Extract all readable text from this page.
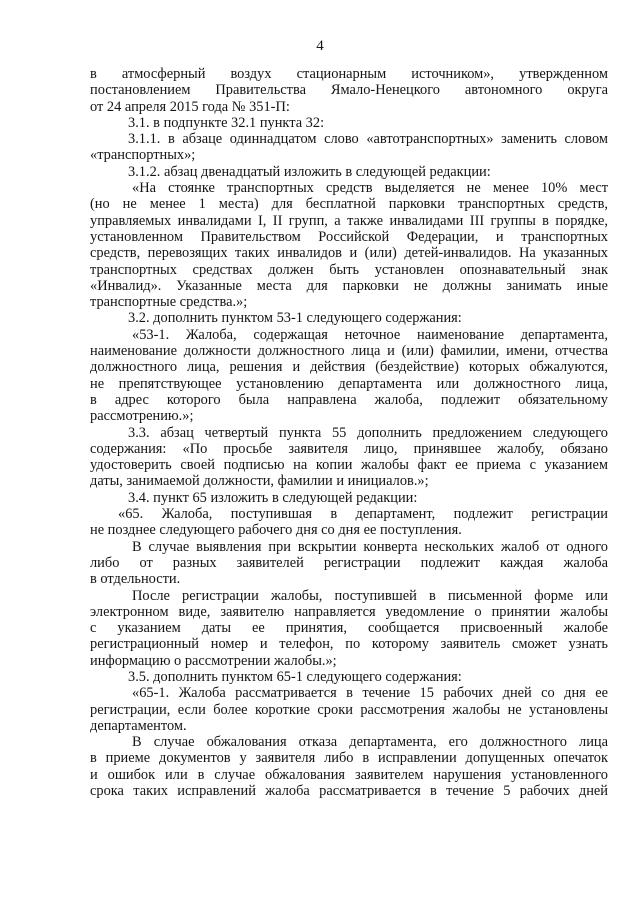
4
в атмосферный воздух стационарным источником», утвержденном
постановлением Правительства Ямало-Ненецкого автономного округа
от 24 апреля 2015 года № 351-П:
3.1. в подпункте 32.1 пункта 32:
3.1.1. в абзаце одиннадцатом слово «автотранспортных» заменить словом
«транспортных»;
3.1.2. абзац двенадцатый изложить в следующей редакции:
«На стоянке транспортных средств выделяется не менее 10% мест
(но не менее 1 места) для бесплатной парковки транспортных средств,
управляемых инвалидами I, II групп, а также инвалидами III группы в порядке,
установленном Правительством Российской Федерации, и транспортных
средств, перевозящих таких инвалидов и (или) детей-инвалидов. На указанных
транспортных средствах должен быть установлен опознавательный знак
«Инвалид». Указанные места для парковки не должны занимать иные
транспортные средства.»;
3.2. дополнить пунктом 53-1 следующего содержания:
«53-1. Жалоба, содержащая неточное наименование департамента,
наименование должности должностного лица и (или) фамилии, имени, отчества
должностного лица, решения и действия (бездействие) которых обжалуются,
не препятствующее установлению департамента или должностного лица,
в адрес которого была направлена жалоба, подлежит обязательному
рассмотрению.»;
3.3. абзац четвертый пункта 55 дополнить предложением следующего
содержания: «По просьбе заявителя лицо, принявшее жалобу, обязано
удостоверить своей подписью на копии жалобы факт ее приема с указанием
даты, занимаемой должности, фамилии и инициалов.»;
3.4. пункт 65 изложить в следующей редакции:
«65. Жалоба, поступившая в департамент, подлежит регистрации
не позднее следующего рабочего дня со дня ее поступления.
В случае выявления при вскрытии конверта нескольких жалоб от одного
либо от разных заявителей регистрации подлежит каждая жалоба
в отдельности.
После регистрации жалобы, поступившей в письменной форме или
электронном виде, заявителю направляется уведомление о принятии жалобы
с указанием даты ее принятия, сообщается присвоенный жалобе
регистрационный номер и телефон, по которому заявитель сможет узнать
информацию о рассмотрении жалобы.»;
3.5. дополнить пунктом 65-1 следующего содержания:
«65-1. Жалоба рассматривается в течение 15 рабочих дней со дня ее
регистрации, если более короткие сроки рассмотрения жалобы не установлены
департаментом.
В случае обжалования отказа департамента, его должностного лица
в приеме документов у заявителя либо в исправлении допущенных опечаток
и ошибок или в случае обжалования заявителем нарушения установленного
срока таких исправлений жалоба рассматривается в течение 5 рабочих дней
